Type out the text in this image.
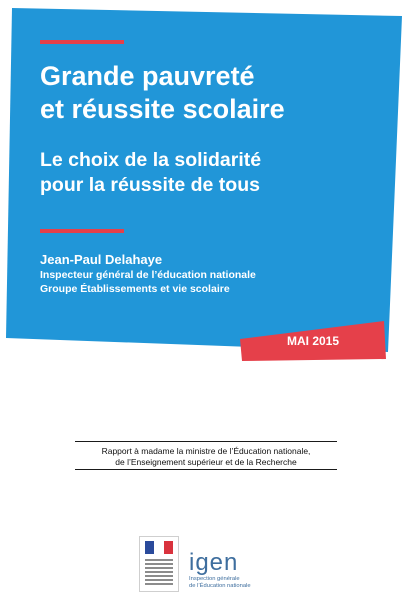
Grande pauvreté
et réussite scolaire
Le choix de la solidarité
pour la réussite de tous
Jean-Paul Delahaye
Inspecteur général de l’éducation nationale
Groupe Établissements et vie scolaire
MAI 2015
Rapport à madame la ministre de l’Éducation nationale,
de l’Enseignement supérieur et de la Recherche
igen
Inspection générale
de l’Éducation nationale
